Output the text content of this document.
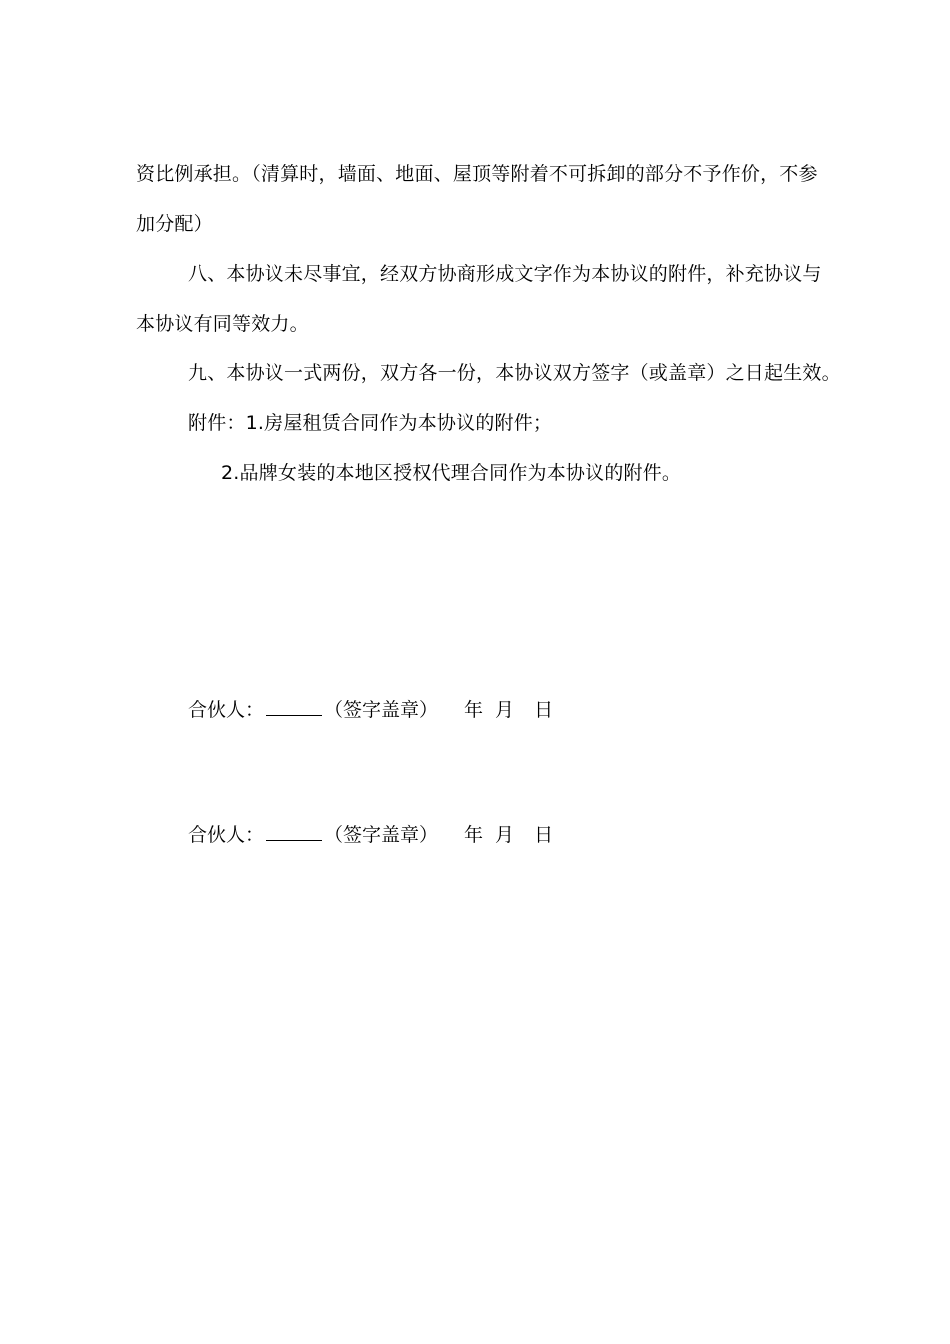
资比例承担。（清算时，墙面、地面、屋顶等附着不可拆卸的部分不予作价，不参
加分配）
八、本协议未尽事宜，经双方协商形成文字作为本协议的附件，补充协议与
本协议有同等效力。
九、本协议一式两份，双方各一份，本协议双方签字（或盖章）之日起生效。
附件：1.房屋租赁合同作为本协议的附件；
2.品牌女装的本地区授权代理合同作为本协议的附件。
合伙人：	（签字盖章） 年 月 日
合伙人：	（签字盖章） 年 月 日
